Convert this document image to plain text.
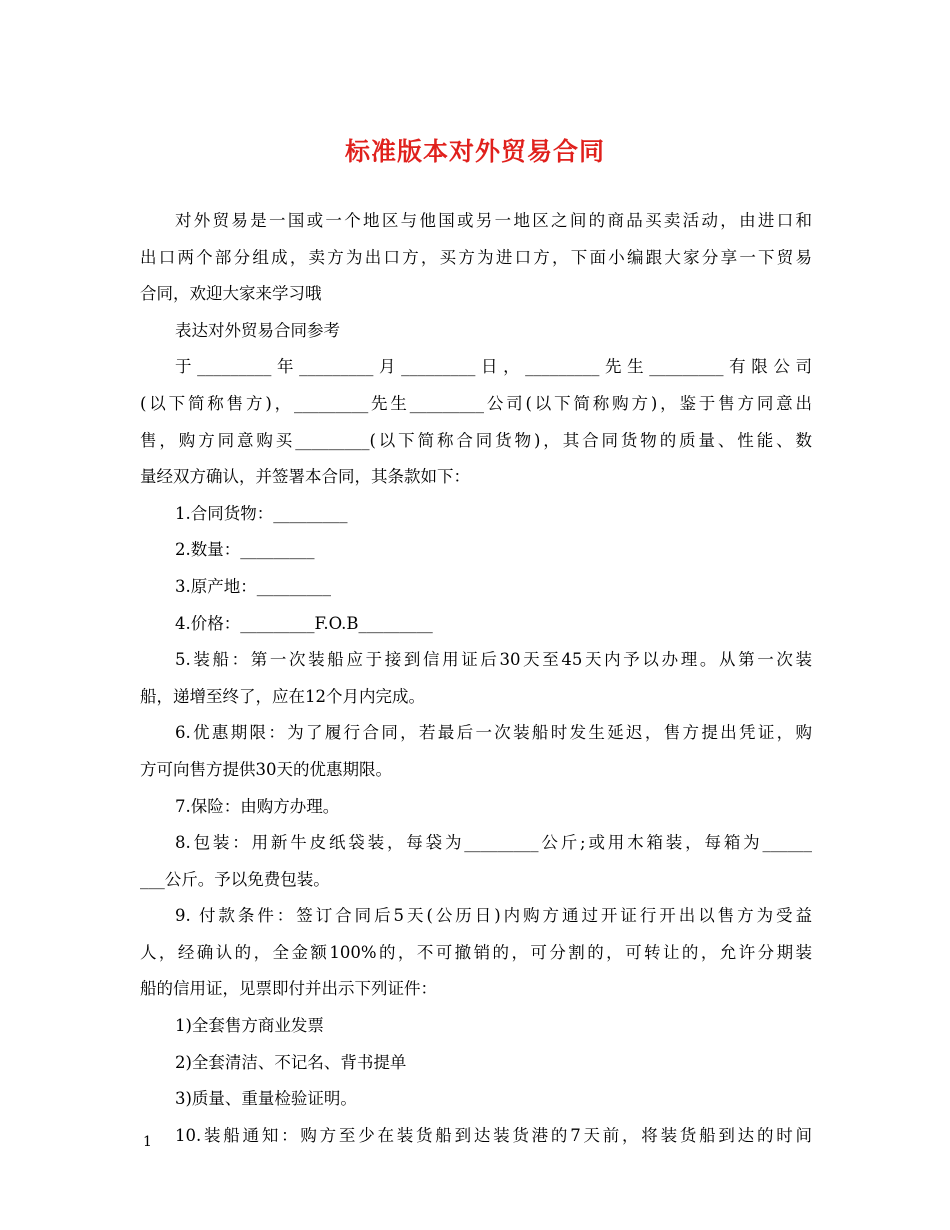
标准版本对外贸易合同

对外贸易是一国或一个地区与他国或另一地区之间的商品买卖活动，由进口和

出口两个部分组成，卖方为出口方，买方为进口方，下面小编跟大家分享一下贸易

合同，欢迎大家来学习哦

表达对外贸易合同参考

于_________年_________月_________日，_________先生_________有限公司

(以下简称售方)，_________先生_________公司(以下简称购方)，鉴于售方同意出

售，购方同意购买_________(以下简称合同货物)，其合同货物的质量、性能、数

量经双方确认，并签署本合同，其条款如下：

1.合同货物：_________

2.数量：_________

3.原产地：_________

4.价格：_________F.O.B_________

5.装船：第一次装船应于接到信用证后30天至45天内予以办理。从第一次装

船，递增至终了，应在12个月内完成。

6.优惠期限：为了履行合同，若最后一次装船时发生延迟，售方提出凭证，购

方可向售方提供30天的优惠期限。

7.保险：由购方办理。

8.包装：用新牛皮纸袋装，每袋为_________公斤;或用木箱装，每箱为______

___公斤。予以免费包装。

9. 付款条件：签订合同后5天(公历日)内购方通过开证行开出以售方为受益

人，经确认的，全金额100%的，不可撤销的，可分割的，可转让的，允许分期装

船的信用证，见票即付并出示下列证件：

1)全套售方商业发票

2)全套清洁、不记名、背书提单

3)质量、重量检验证明。

10.装船通知：购方至少在装货船到达装货港的7天前，将装货船到达的时间

1
